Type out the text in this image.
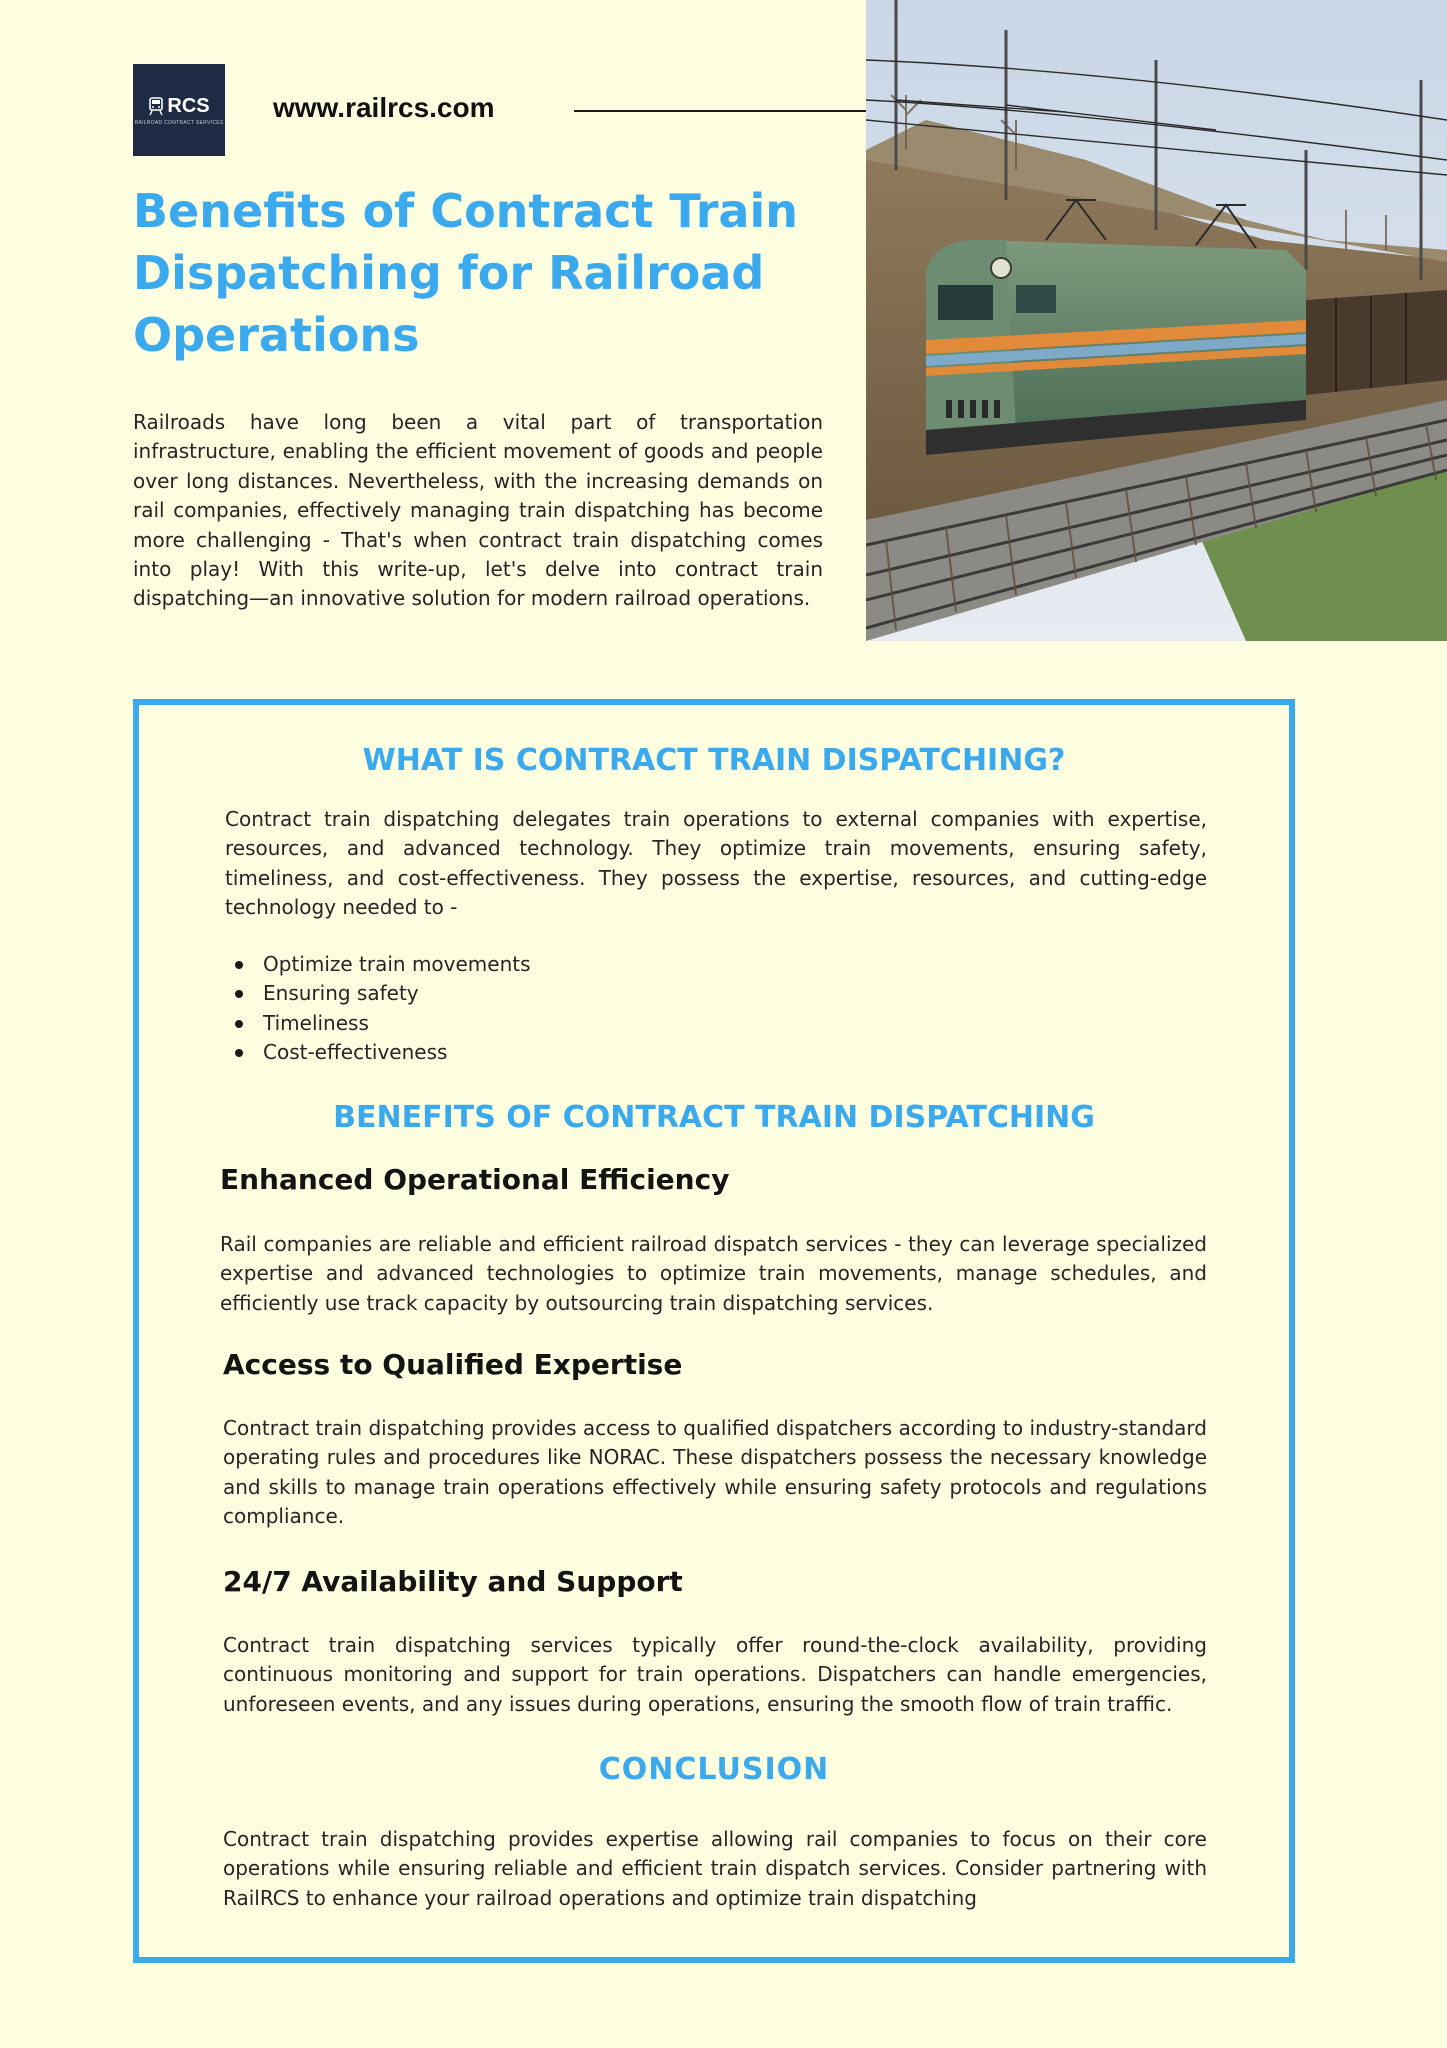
RCS
RAILROAD CONTRACT SERVICES www.railrcs.com
Benefits of Contract Train Dispatching for Railroad Operations

Railroads have long been a vital part of transportation infrastructure, enabling the efficient movement of goods and people over long distances. Nevertheless, with the increasing demands on rail companies, effectively managing train dispatching has become more challenging - That's when contract train dispatching comes into play! With this write-up, let's delve into contract train dispatching—an innovative solution for modern railroad operations.

WHAT IS CONTRACT TRAIN DISPATCHING?

Contract train dispatching delegates train operations to external companies with expertise, resources, and advanced technology. They optimize train movements, ensuring safety, timeliness, and cost-effectiveness. They possess the expertise, resources, and cutting-edge technology needed to -

Optimize train movements
Ensuring safety
Timeliness
Cost-effectiveness
BENEFITS OF CONTRACT TRAIN DISPATCHING
Enhanced Operational Efficiency

Rail companies are reliable and efficient railroad dispatch services - they can leverage specialized expertise and advanced technologies to optimize train movements, manage schedules, and efficiently use track capacity by outsourcing train dispatching services.

Access to Qualified Expertise

Contract train dispatching provides access to qualified dispatchers according to industry-standard operating rules and procedures like NORAC. These dispatchers possess the necessary knowledge and skills to manage train operations effectively while ensuring safety protocols and regulations compliance.

24/7 Availability and Support

Contract train dispatching services typically offer round-the-clock availability, providing continuous monitoring and support for train operations. Dispatchers can handle emergencies, unforeseen events, and any issues during operations, ensuring the smooth flow of train traffic.

CONCLUSION

Contract train dispatching provides expertise allowing rail companies to focus on their core operations while ensuring reliable and efficient train dispatch services. Consider partnering with RailRCS to enhance your railroad operations and optimize train dispatching
